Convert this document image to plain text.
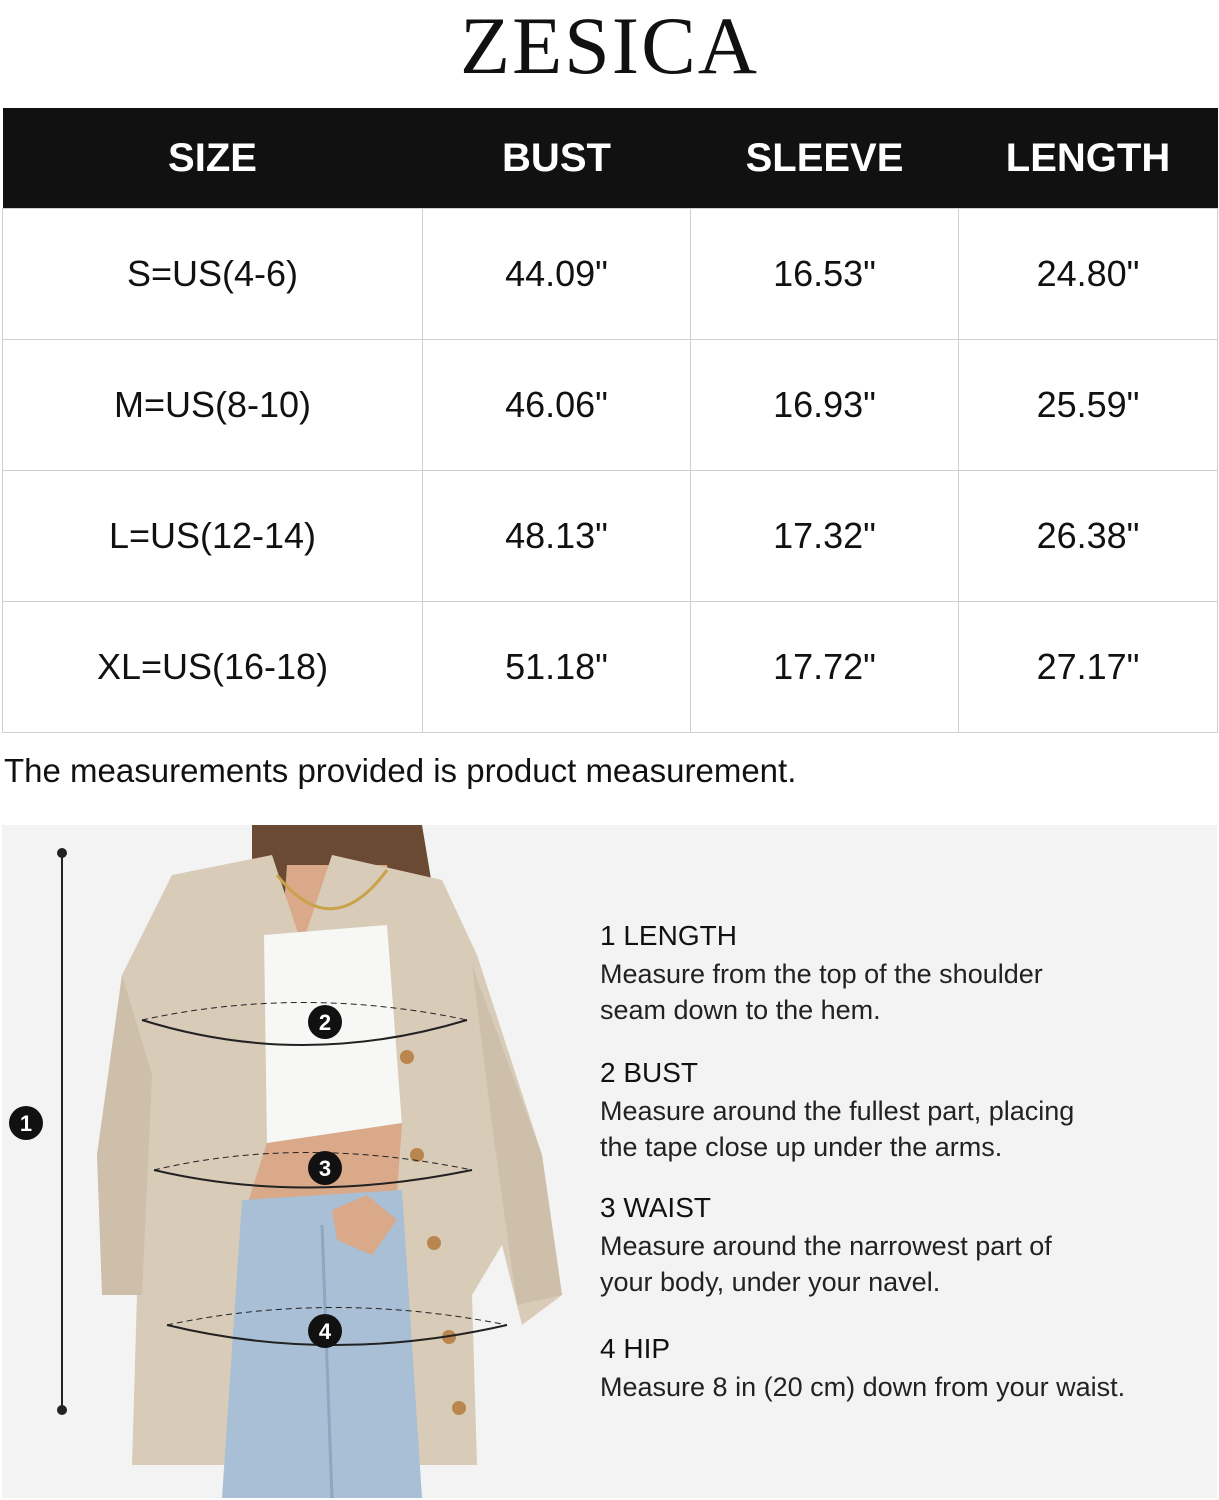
ZESICA
SIZE	BUST	SLEEVE	LENGTH
S=US(4-6)	44.09"	16.53"	24.80"
M=US(8-10)	46.06"	16.93"	25.59"
L=US(12-14)	48.13"	17.32"	26.38"
XL=US(16-18)	51.18"	17.72"	27.17"
The measurements provided is product measurement.
1
2
3
4
1 LENGTH
Measure from the top of the shoulder
seam down to the hem.
2 BUST
Measure around the fullest part, placing
the tape close up under the arms.
3 WAIST
Measure around the narrowest part of
your body, under your navel.
4 HIP
Measure 8 in (20 cm) down from your waist.
